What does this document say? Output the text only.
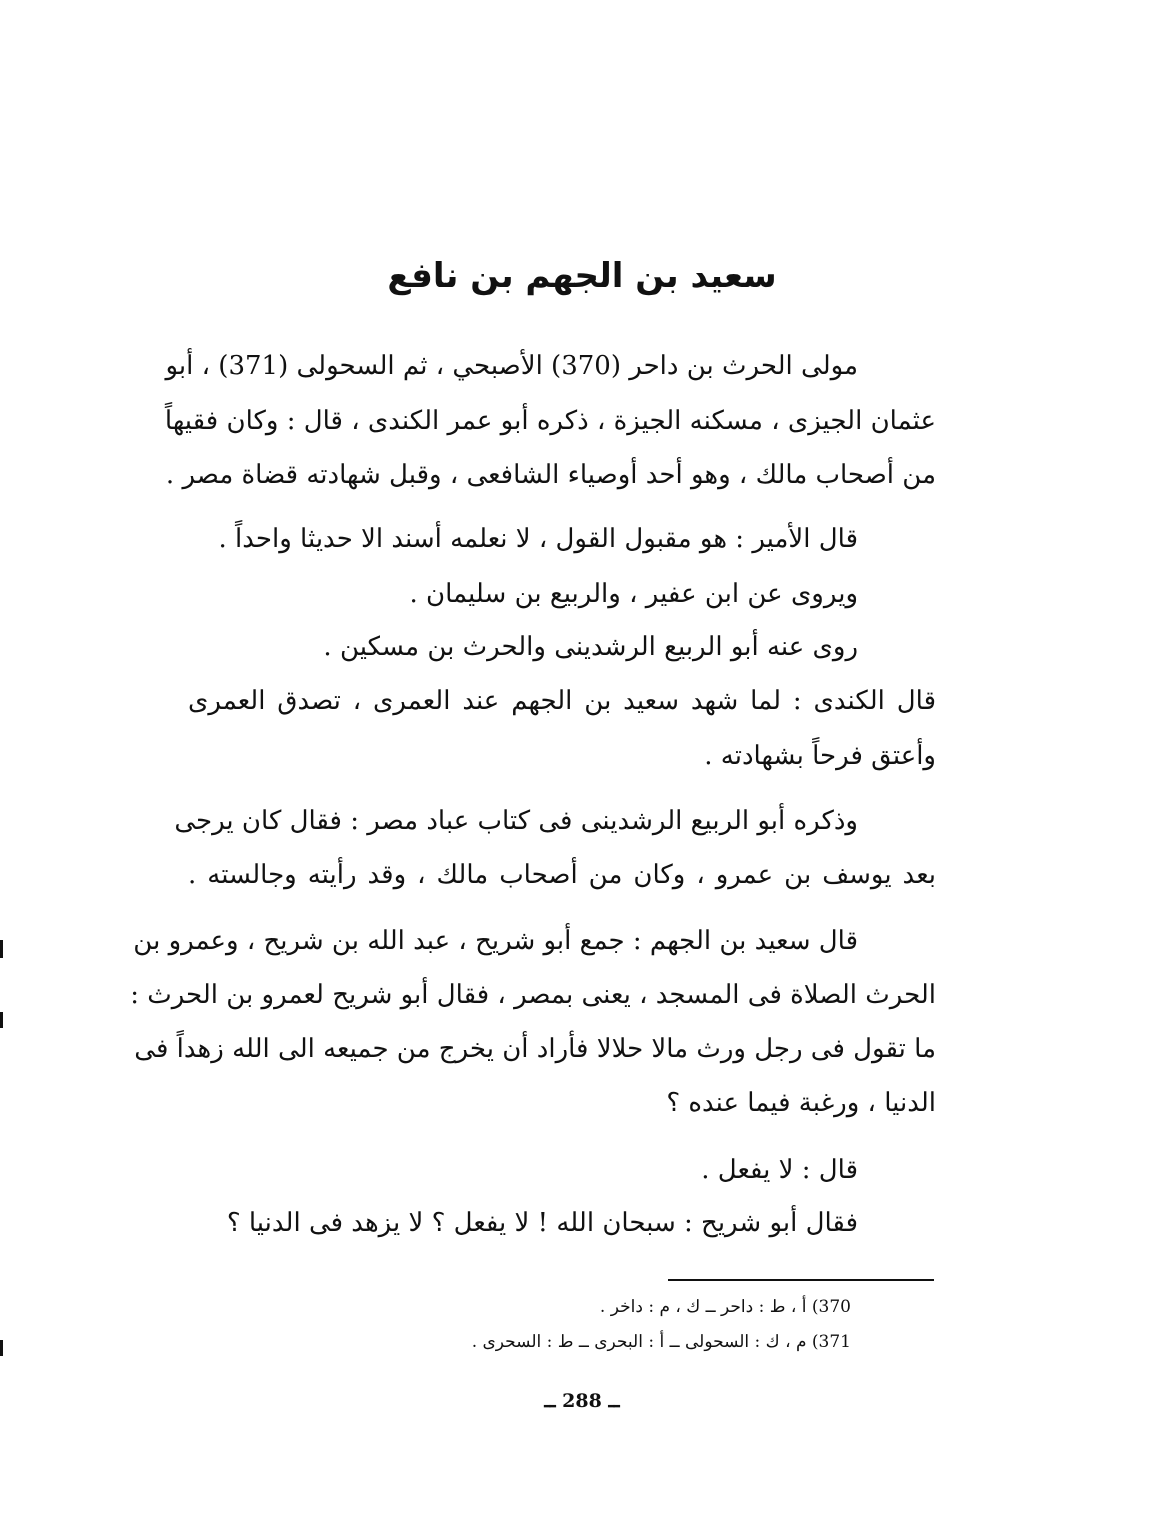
سعيد بن الجهم بن نافع
مولى الحرث بن داحر (370) الأصبحي ، ثم السحولى (371) ، أبو
عثمان الجيزى ، مسكنه الجيزة ، ذكره أبو عمر الكندى ، قال : وكان فقيهاً
من أصحاب مالك ، وهو أحد أوصياء الشافعى ، وقبل شهادته قضاة مصر .
قال الأمير : هو مقبول القول ، لا نعلمه أسند الا حديثا واحداً .
ويروى عن ابن عفير ، والربيع بن سليمان .
روى عنه أبو الربيع الرشدينى والحرث بن مسكين .
قال الكندى : لما شهد سعيد بن الجهم عند العمرى ، تصدق العمرى
وأعتق فرحاً بشهادته .
وذكره أبو الربيع الرشدينى فى كتاب عباد مصر : فقال كان يرجى
بعد يوسف بن عمرو ، وكان من أصحاب مالك ، وقد رأيته وجالسته .
قال سعيد بن الجهم : جمع أبو شريح ، عبد الله بن شريح ، وعمرو بن
الحرث الصلاة فى المسجد ، يعنى بمصر ، فقال أبو شريح لعمرو بن الحرث :
ما تقول فى رجل ورث مالا حلالا فأراد أن يخرج من جميعه الى الله زهداً فى
الدنيا ، ورغبة فيما عنده ؟
قال : لا يفعل .
فقال أبو شريح : سبحان الله ! لا يفعل ؟ لا يزهد فى الدنيا ؟
370) أ ، ط : داحر ــ ك ، م : داخر .
371) م ، ك : السحولى ــ أ : البحرى ــ ط : السحرى .
ــ 288 ــ
